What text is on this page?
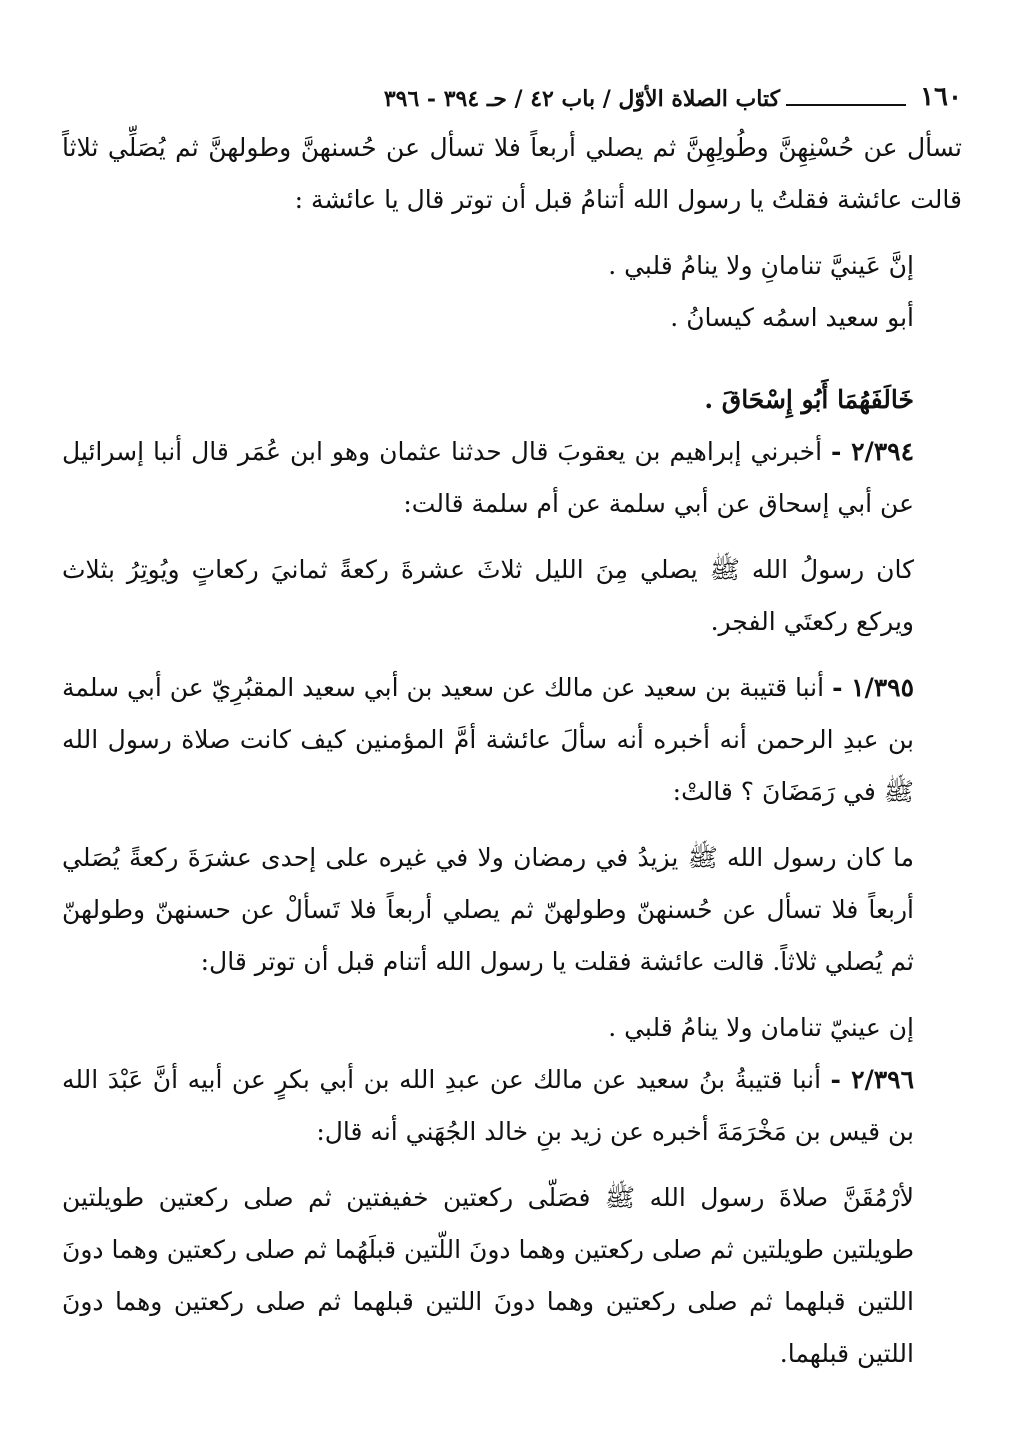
١٦٠
كتاب الصلاة الأوّل / باب ٤٢ / حـ ٣٩٤ - ٣٩٦

تسأل عن حُسْنِهِنَّ وطُولِهِنَّ ثم يصلي أربعاً فلا تسأل عن حُسنهنَّ وطولهنَّ ثم يُصَلِّي ثلاثاً قالت عائشة فقلتُ يا رسول الله أتنامُ قبل أن توتر قال يا عائشة :

إنَّ عَينيَّ تنامانِ ولا ينامُ قلبي .

أبو سعيد اسمُه كيسانُ .

خَالَفَهُمَا أَبُو إِسْحَاقَ .

٢/٣٩٤ - أخبرني إبراهيم بن يعقوبَ قال حدثنا عثمان وهو ابن عُمَر قال أنبا إسرائيل عن أبي إسحاق عن أبي سلمة عن أم سلمة قالت:

كان رسولُ الله ﷺ يصلي مِنَ الليل ثلاثَ عشرةَ ركعةً ثمانيَ ركعاتٍ ويُوتِرُ بثلاث ويركع ركعتَي الفجر.

١/٣٩٥ - أنبا قتيبة بن سعيد عن مالك عن سعيد بن أبي سعيد المقبُرِيّ عن أبي سلمة بن عبدِ الرحمن أنه أخبره أنه سألَ عائشة أمَّ المؤمنين كيف كانت صلاة رسول الله ﷺ في رَمَضَانَ ؟ قالتْ:

ما كان رسول الله ﷺ يزيدُ في رمضان ولا في غيره على إحدى عشرَةَ ركعةً يُصَلي أربعاً فلا تسأل عن حُسنهنّ وطولهنّ ثم يصلي أربعاً فلا تَسألْ عن حسنهنّ وطولهنّ ثم يُصلي ثلاثاً. قالت عائشة فقلت يا رسول الله أتنام قبل أن توتر قال:

إن عينيّ تنامان ولا ينامُ قلبي .

٢/٣٩٦ - أنبا قتيبةُ بنُ سعيد عن مالك عن عبدِ الله بن أبي بكرٍ عن أبيه أنَّ عَبْدَ الله بن قيس بن مَخْرَمَةَ أخبره عن زيد بنِ خالد الجُهَني أنه قال:

لأرْمُقَنَّ صلاةَ رسول الله ﷺ فصَلّى ركعتين خفيفتين ثم صلى ركعتين طويلتين طويلتين طويلتين ثم صلى ركعتين وهما دونَ اللّتين قبلَهُما ثم صلى ركعتين وهما دونَ اللتين قبلهما ثم صلى ركعتين وهما دونَ اللتين قبلهما ثم صلى ركعتين وهما دونَ اللتين قبلهما.
